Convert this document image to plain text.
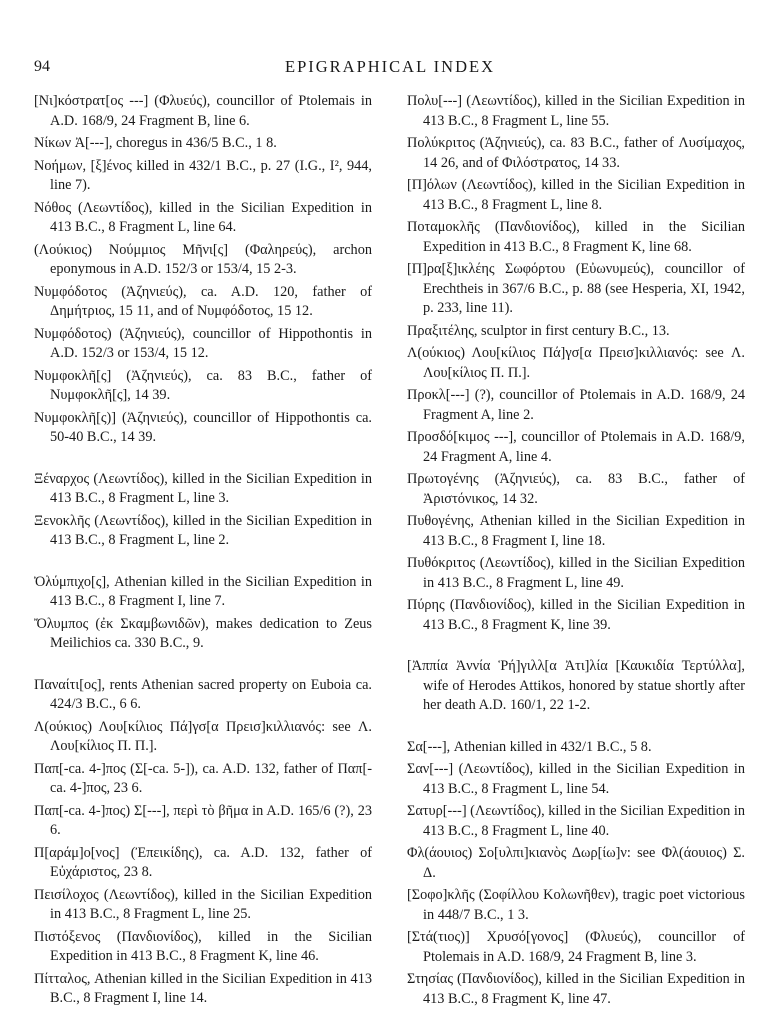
94	EPIGRAPHICAL INDEX

[Νι]κόστρατ[ος ---] (Φλυεύς), councillor of Ptolemais in A.D. 168/9, 24 Fragment B, line 6.

Νίκων Ἀ[---], choregus in 436/5 B.C., 1 8.

Νοήμων, [ξ]ένος killed in 432/1 B.C., p. 27 (I.G., I², 944, line 7).

Νόθος (Λεωντίδος), killed in the Sicilian Expedition in 413 B.C., 8 Fragment L, line 64.

(Λούκιος) Νούμμιος Μῆνι[ς] (Φαληρεύς), archon eponymous in A.D. 152/3 or 153/4, 15 2-3.

Νυμφόδοτος (Ἀζηνιεύς), ca. A.D. 120, father of Δημήτριος, 15 11, and of Νυμφόδοτος, 15 12.

Νυμφόδοτος) (Ἀζηνιεύς), councillor of Hippothontis in A.D. 152/3 or 153/4, 15 12.

Νυμφοκλῆ[ς] (Ἀζηνιεύς), ca. 83 B.C., father of Νυμφοκλῆ[ς], 14 39.

Νυμφοκλῆ[ς)] (Ἀζηνιεύς), councillor of Hippothontis ca. 50-40 B.C., 14 39.

Ξέναρχος (Λεωντίδος), killed in the Sicilian Expedition in 413 B.C., 8 Fragment L, line 3.

Ξενοκλῆς (Λεωντίδος), killed in the Sicilian Expedition in 413 B.C., 8 Fragment L, line 2.

Ὀλύμπιχο[ς], Athenian killed in the Sicilian Expedition in 413 B.C., 8 Fragment I, line 7.

Ὄλυμπος (ἐκ Σκαμβωνιδῶν), makes dedication to Zeus Meilichios ca. 330 B.C., 9.

Παναίτι[ος], rents Athenian sacred property on Euboia ca. 424/3 B.C., 6 6.

Λ(ούκιος) Λου[κίλιος Πά]γσ[α Πρεισ]κιλλιανός: see Λ. Λου[κίλιος Π. Π.].

Παπ[-ca. 4-]πος (Σ[-ca. 5-]), ca. A.D. 132, father of Παπ[-ca. 4-]πος, 23 6.

Παπ[-ca. 4-]πος) Σ[---], περὶ τὸ βῆμα in A.D. 165/6 (?), 23 6.

Π[αράμ]ο[νος] (Ἐπεικίδης), ca. A.D. 132, father of Εὐχάριστος, 23 8.

Πεισίλοχος (Λεωντίδος), killed in the Sicilian Expedition in 413 B.C., 8 Fragment L, line 25.

Πιστόξενος (Πανδιονίδος), killed in the Sicilian Expedition in 413 B.C., 8 Fragment K, line 46.

Πίτταλος, Athenian killed in the Sicilian Expedition in 413 B.C., 8 Fragment I, line 14.

Πολυ[---] (Λεωντίδος), killed in the Sicilian Expedition in 413 B.C., 8 Fragment L, line 55.

Πολύκριτος (Ἀζηνιεύς), ca. 83 B.C., father of Λυσίμαχος, 14 26, and of Φιλόστρατος, 14 33.

[Π]όλων (Λεωντίδος), killed in the Sicilian Expedition in 413 B.C., 8 Fragment L, line 8.

Ποταμοκλῆς (Πανδιονίδος), killed in the Sicilian Expedition in 413 B.C., 8 Fragment K, line 68.

[Π]ρα[ξ]ικλέης Σωφόρτου (Εὐωνυμεύς), councillor of Erechtheis in 367/6 B.C., p. 88 (see Hesperia, XI, 1942, p. 233, line 11).

Πραξιτέλης, sculptor in first century B.C., 13.

Λ(ούκιος) Λου[κίλιος Πά]γσ[α Πρεισ]κιλλιανός: see Λ. Λου[κίλιος Π. Π.].

Προκλ[---] (?), councillor of Ptolemais in A.D. 168/9, 24 Fragment A, line 2.

Προσδό[κιμος ---], councillor of Ptolemais in A.D. 168/9, 24 Fragment A, line 4.

Πρωτογένης (Ἀζηνιεύς), ca. 83 B.C., father of Ἀριστόνικος, 14 32.

Πυθογένης, Athenian killed in the Sicilian Expedition in 413 B.C., 8 Fragment I, line 18.

Πυθόκριτος (Λεωντίδος), killed in the Sicilian Expedition in 413 B.C., 8 Fragment L, line 49.

Πύρης (Πανδιονίδος), killed in the Sicilian Expedition in 413 B.C., 8 Fragment K, line 39.

[Ἀππία Ἀννία Ῥή]γιλλ[α Ἀτι]λία [Καυκιδία Τερτύλλα], wife of Herodes Attikos, honored by statue shortly after her death A.D. 160/1, 22 1-2.

Σα[---], Athenian killed in 432/1 B.C., 5 8.

Σαν[---] (Λεωντίδος), killed in the Sicilian Expedition in 413 B.C., 8 Fragment L, line 54.

Σατυρ[---] (Λεωντίδος), killed in the Sicilian Expedition in 413 B.C., 8 Fragment L, line 40.

Φλ(άουιος) Σο[υλπι]κιανὸς Δωρ[ίω]ν: see Φλ(άουιος) Σ. Δ.

[Σοφο]κλῆς (Σοφίλλου Κολωνῆθεν), tragic poet victorious in 448/7 B.C., 1 3.

[Στά(τιος)] Χρυσό[γονος] (Φλυεύς), councillor of Ptolemais in A.D. 168/9, 24 Fragment B, line 3.

Στησίας (Πανδιονίδος), killed in the Sicilian Expedition in 413 B.C., 8 Fragment K, line 47.
